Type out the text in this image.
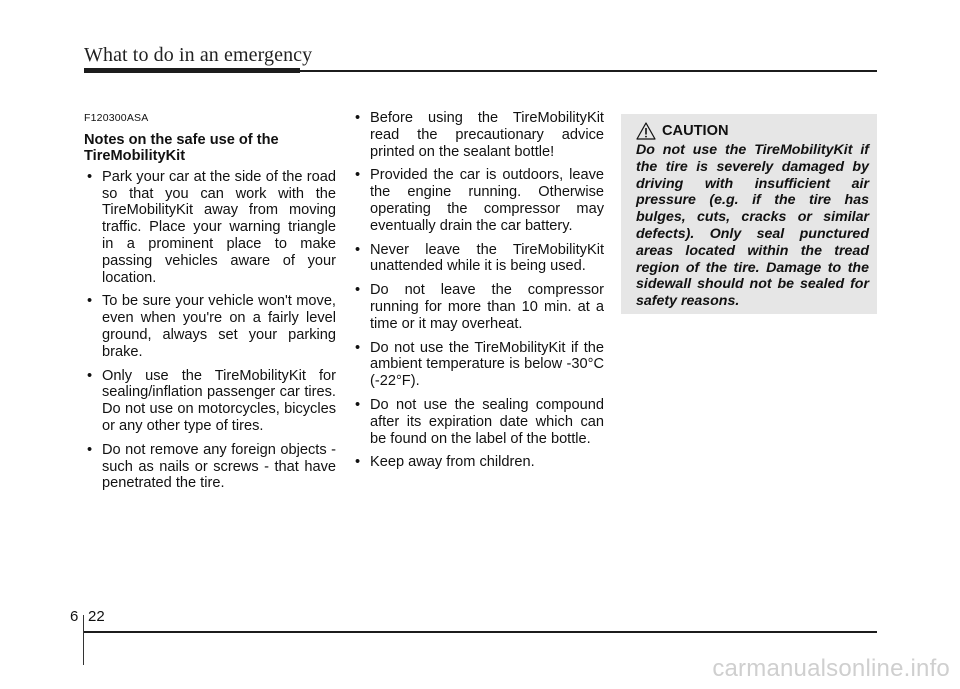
What to do in an emergency

F120300ASA

Notes on the safe use of the TireMobilityKit

• Park your car at the side of the road so that you can work with the TireMobilityKit away from moving traffic. Place your warning triangle in a prominent place to make passing vehicles aware of your location.
• To be sure your vehicle won't move, even when you're on a fairly level ground, always set your parking brake.
• Only use the TireMobilityKit for sealing/inflation passenger car tires. Do not use on motorcycles, bicycles or any other type of tires.
• Do not remove any foreign objects - such as nails or screws - that have penetrated the tire.
• Before using the TireMobilityKit read the precautionary advice printed on the sealant bottle!
• Provided the car is outdoors, leave the engine running. Otherwise operating the compressor may eventually drain the car battery.
• Never leave the TireMobilityKit unattended while it is being used.
• Do not leave the compressor running for more than 10 min. at a time or it may overheat.
• Do not use the TireMobilityKit if the ambient temperature is below -30°C (-22°F).
• Do not use the sealing compound after its expiration date which can be found on the label of the bottle.
• Keep away from children.
CAUTION

Do not use the TireMobilityKit if the tire is severely damaged by driving with insufficient air pressure (e.g. if the tire has bulges, cuts, cracks or similar defects). Only seal punctured areas located within the tread region of the tire. Damage to the sidewall should not be sealed for safety reasons.

6 22
carmanualsonline.info
